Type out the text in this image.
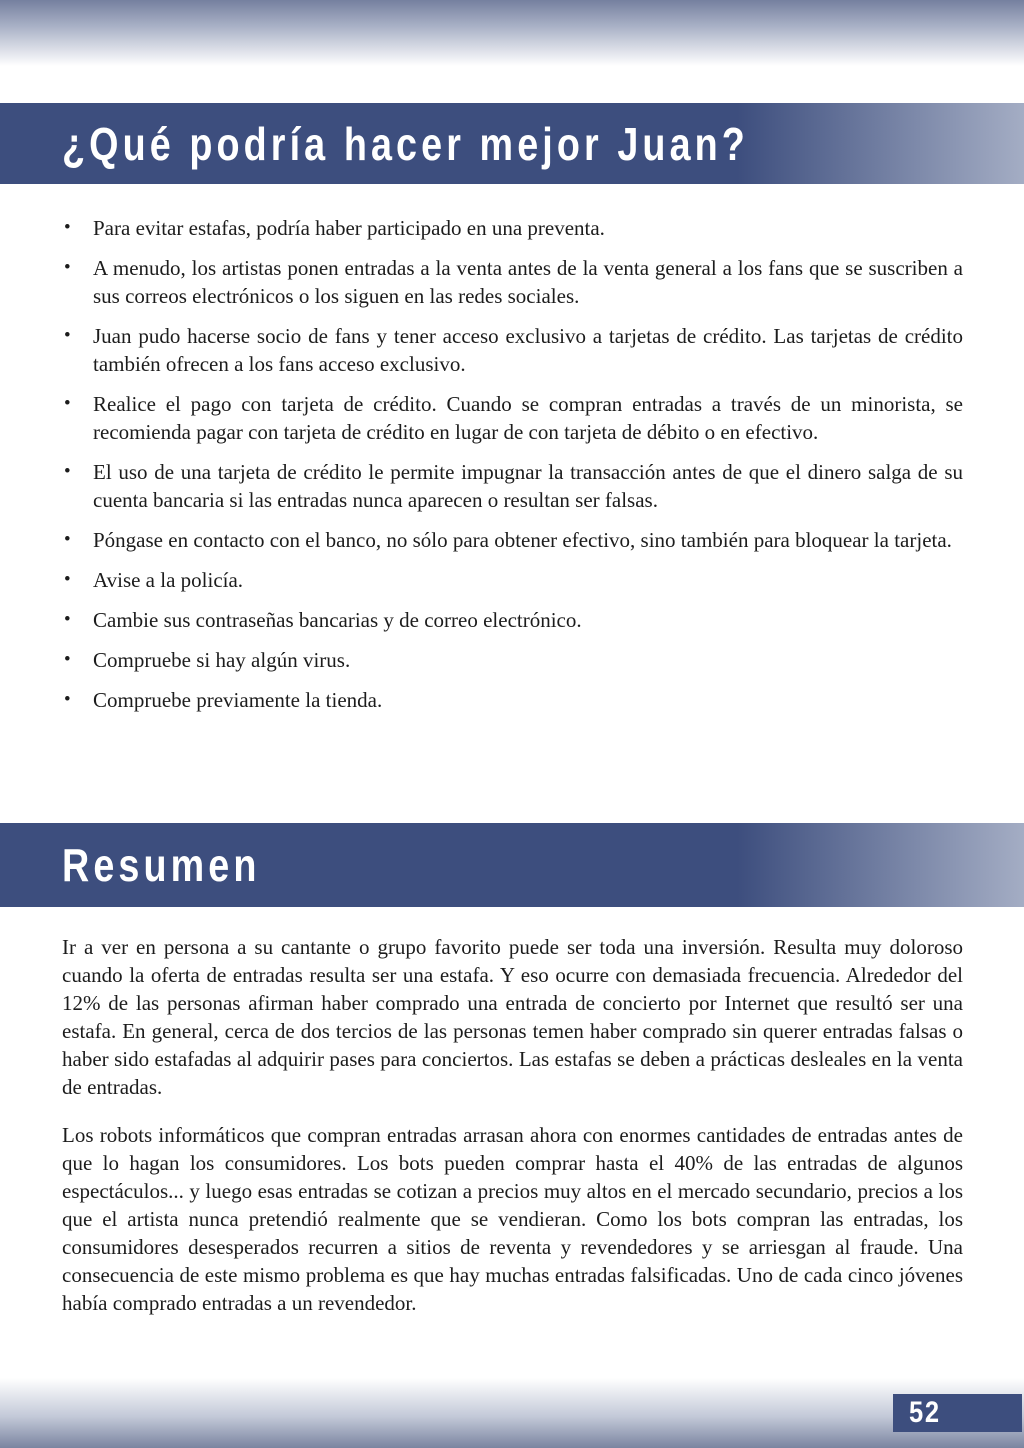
¿Qué podría hacer mejor Juan?
• Para evitar estafas, podría haber participado en una preventa.
• A menudo, los artistas ponen entradas a la venta antes de la venta general a los fans que se suscriben a sus correos electrónicos o los siguen en las redes sociales.
• Juan pudo hacerse socio de fans y tener acceso exclusivo a tarjetas de crédito. Las tarjetas de crédito también ofrecen a los fans acceso exclusivo.
• Realice el pago con tarjeta de crédito. Cuando se compran entradas a través de un minorista, se recomienda pagar con tarjeta de crédito en lugar de con tarjeta de débito o en efectivo.
• El uso de una tarjeta de crédito le permite impugnar la transacción antes de que el dinero salga de su cuenta bancaria si las entradas nunca aparecen o resultan ser falsas.
• Póngase en contacto con el banco, no sólo para obtener efectivo, sino también para bloquear la tarjeta.
• Avise a la policía.
• Cambie sus contraseñas bancarias y de correo electrónico.
• Compruebe si hay algún virus.
• Compruebe previamente la tienda.
Resumen

Ir a ver en persona a su cantante o grupo favorito puede ser toda una inversión. Resulta muy doloroso cuando la oferta de entradas resulta ser una estafa. Y eso ocurre con demasiada frecuencia. Alrededor del 12% de las personas afirman haber comprado una entrada de concierto por Internet que resultó ser una estafa. En general, cerca de dos tercios de las personas temen haber comprado sin querer entradas falsas o haber sido estafadas al adquirir pases para conciertos. Las estafas se deben a prácticas desleales en la venta de entradas.

Los robots informáticos que compran entradas arrasan ahora con enormes cantidades de entradas antes de que lo hagan los consumidores. Los bots pueden comprar hasta el 40% de las entradas de algunos espectáculos... y luego esas entradas se cotizan a precios muy altos en el mercado secundario, precios a los que el artista nunca pretendió realmente que se vendieran. Como los bots compran las entradas, los consumidores desesperados recurren a sitios de reventa y revendedores y se arriesgan al fraude. Una consecuencia de este mismo problema es que hay muchas entradas falsificadas. Uno de cada cinco jóvenes había comprado entradas a un revendedor.

52
